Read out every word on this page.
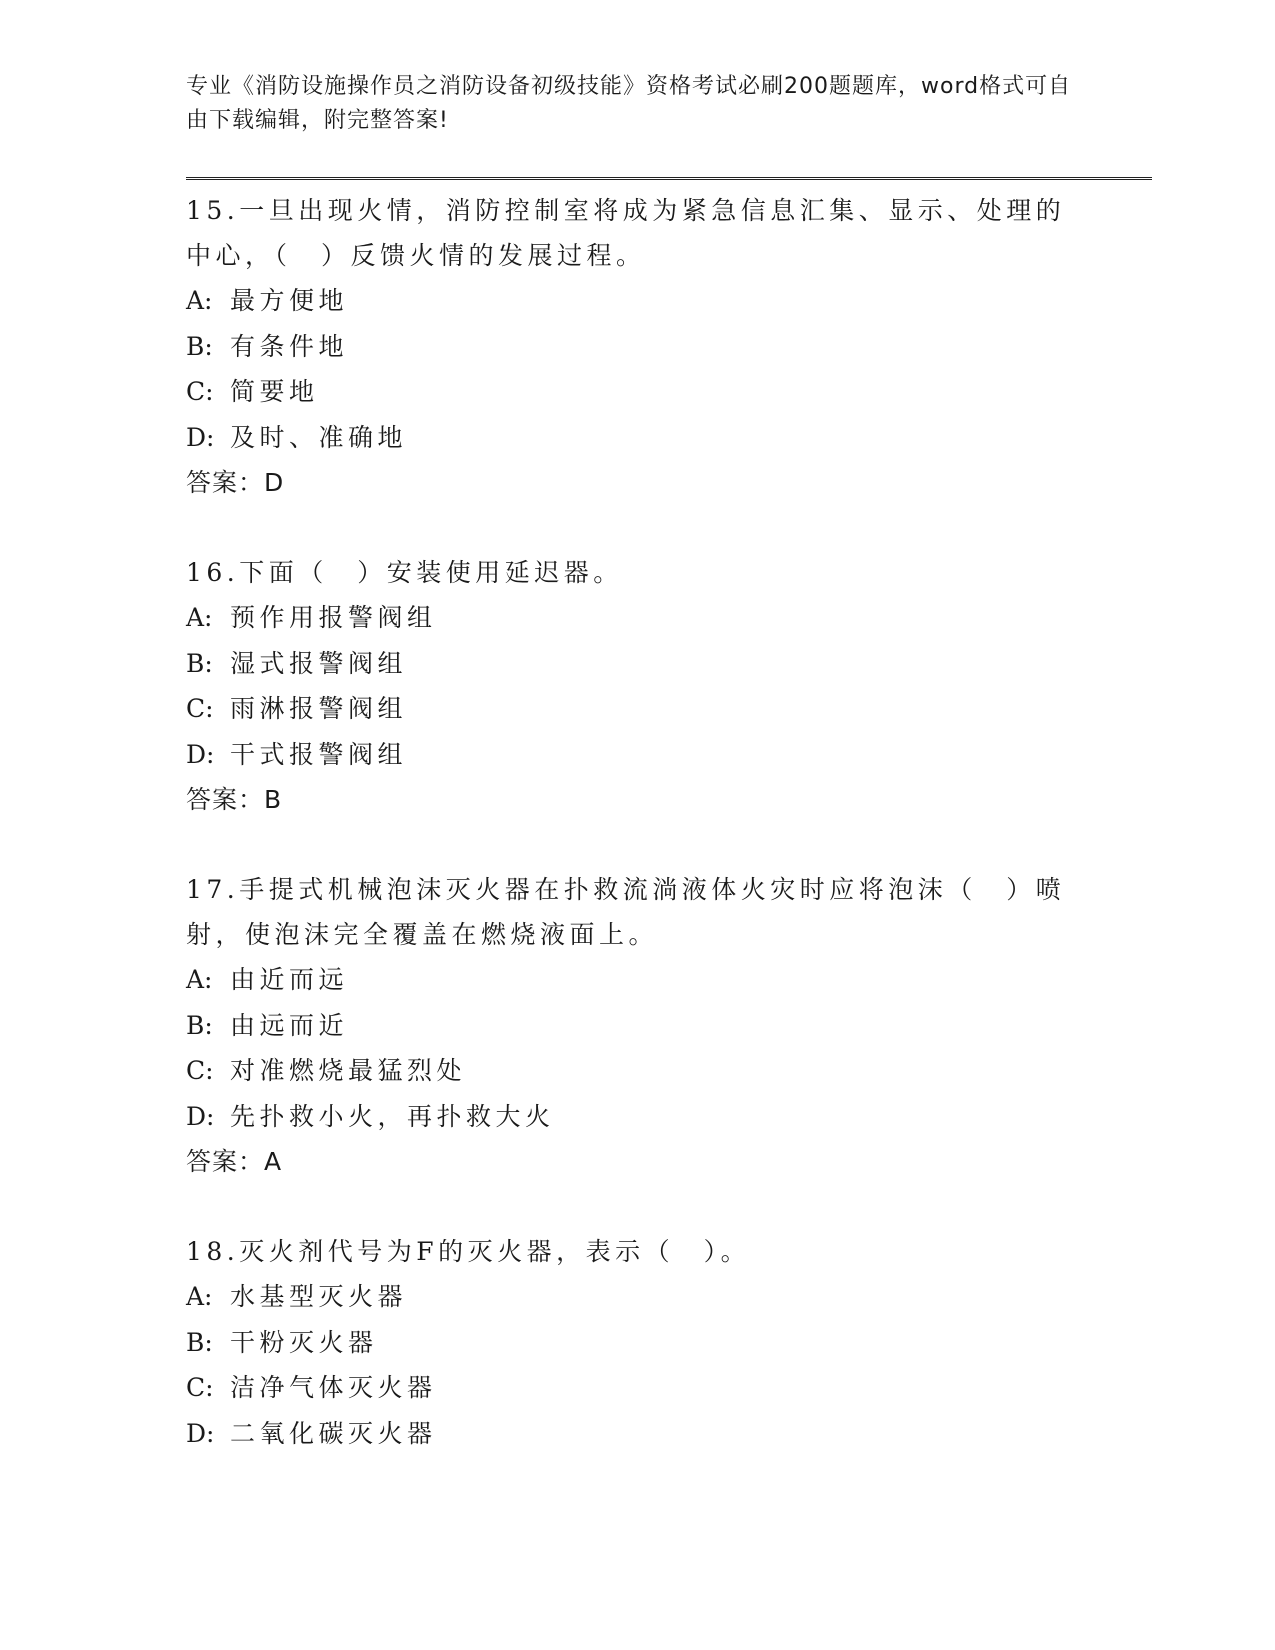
专业《消防设施操作员之消防设备初级技能》资格考试必刷200题题库，word格式可自由下载编辑，附完整答案!

15.一旦出现火情，消防控制室将成为紧急信息汇集、显示、处理的中心，（　）反馈火情的发展过程。

A: 最方便地

B: 有条件地

C: 简要地

D: 及时、准确地

答案：D

16.下面（　）安装使用延迟器。

A: 预作用报警阀组

B: 湿式报警阀组

C: 雨淋报警阀组

D: 干式报警阀组

答案：B

17.手提式机械泡沫灭火器在扑救流淌液体火灾时应将泡沫（　）喷射，使泡沫完全覆盖在燃烧液面上。

A: 由近而远

B: 由远而近

C: 对准燃烧最猛烈处

D: 先扑救小火，再扑救大火

答案：A

18.灭火剂代号为F的灭火器，表示（　）。

A: 水基型灭火器

B: 干粉灭火器

C: 洁净气体灭火器

D: 二氧化碳灭火器
